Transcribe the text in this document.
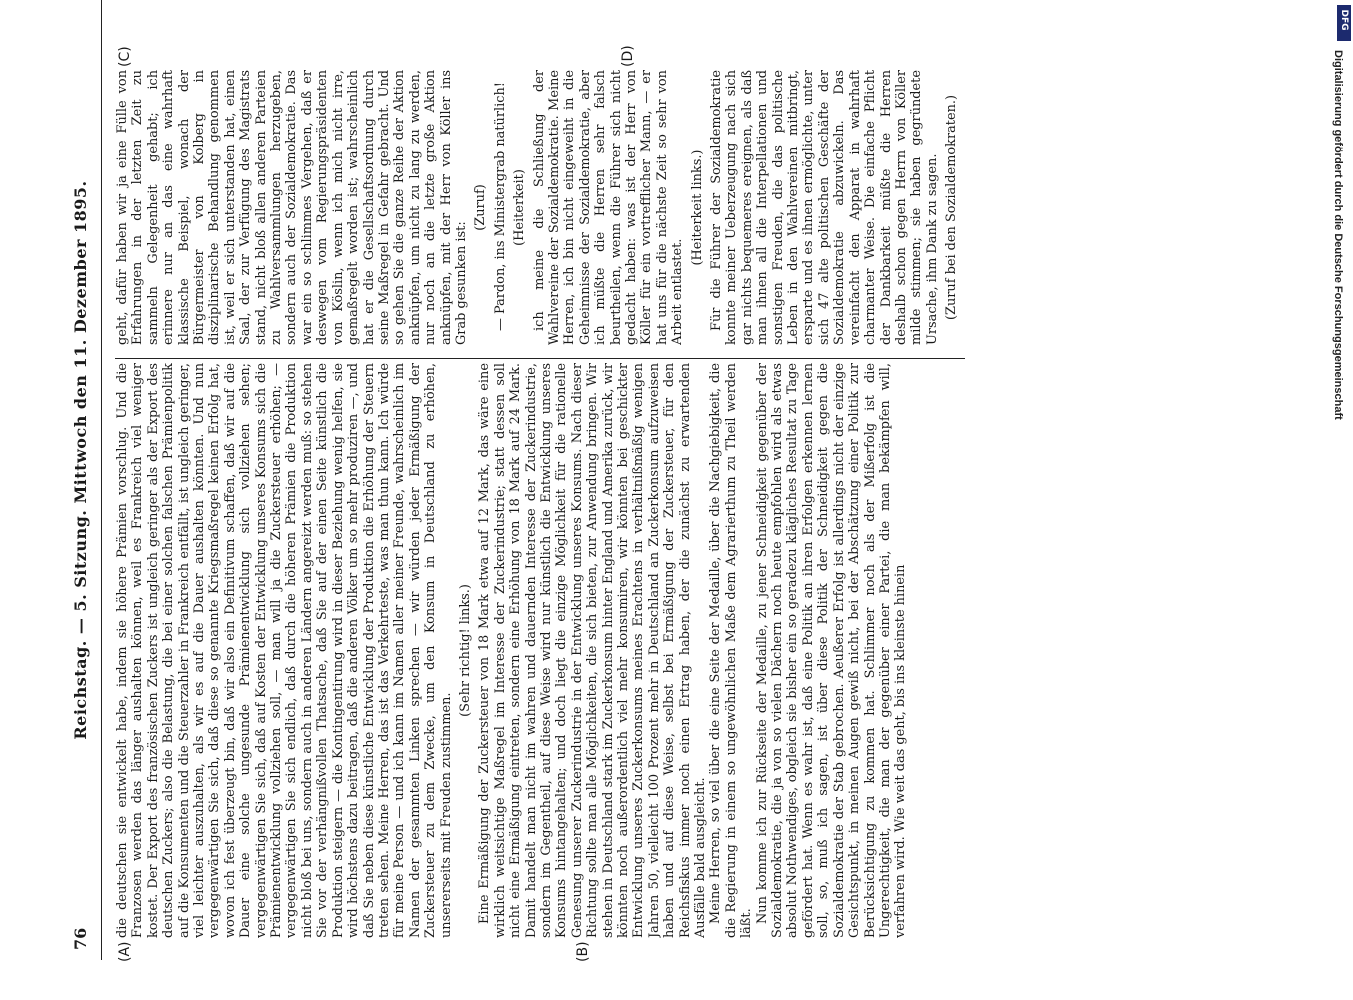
76
Reichstag. — 5. Sitzung. Mittwoch den 11. Dezember 1895.
(A)	(B)
(C)	(D)

die deutschen sie entwickelt habe, indem sie höhere Prämien vorschlug. Und die Franzosen werden das länger aushalten können, weil es Frankreich viel weniger kostet. Der Export des französischen Zuckers ist ungleich geringer als der Export des deutschen Zuckers; also die Belastung, die bei einer solchen falschen Prämienpolitik auf die Konsumenten und die Steuerzahler in Frankreich entfällt, ist ungleich geringer, viel leichter auszuhalten, als wir es auf die Dauer aushalten könnten. Und nun vergegenwärtigen Sie sich, daß diese so genannte Kriegsmaßregel keinen Erfolg hat, wovon ich fest überzeugt bin, daß wir also ein Definitivum schaffen, daß wir auf die Dauer eine solche ungesunde Prämienentwicklung sich vollziehen sehen; vergegenwärtigen Sie sich, daß auf Kosten der Entwicklung unseres Konsums sich die Prämienentwicklung vollziehen soll, — man will ja die Zuckersteuer erhöhen; — vergegenwärtigen Sie sich endlich, daß durch die höheren Prämien die Produktion nicht bloß bei uns, sondern auch in anderen Ländern angereizt werden muß: so stehen Sie vor der verhängnißvollen Thatsache, daß Sie auf der einen Seite künstlich die Produktion steigern — die Kontingentirung wird in dieser Beziehung wenig helfen, sie wird höchstens dazu beitragen, daß die anderen Völker um so mehr produziren —, und daß Sie neben diese künstliche Entwicklung der Produktion die Erhöhung der Steuern treten sehen. Meine Herren, das ist das Verkehrteste, was man thun kann. Ich würde für meine Person — und ich kann im Namen aller meiner Freunde, wahrscheinlich im Namen der gesammten Linken sprechen — wir würden jeder Ermäßigung der Zuckersteuer zu dem Zwecke, um den Konsum in Deutschland zu erhöhen, unsererseits mit Freuden zustimmen.

(Sehr richtig! links.) Eine Ermäßigung der Zuckersteuer von 18 Mark etwa auf 12 Mark, das wäre eine wirklich weitsichtige Maßregel im Interesse der Zuckerindustrie; statt dessen soll nicht eine Ermäßigung eintreten, sondern eine Erhöhung von 18 Mark auf 24 Mark. Damit handelt man nicht im wahren und dauernden Interesse der Zuckerindustrie, sondern im Gegentheil, auf diese Weise wird nur künstlich die Entwicklung unseres Konsums hintangehalten; und doch liegt die einzige Möglichkeit für die rationelle Genesung unserer Zuckerindustrie in der Entwicklung unseres Konsums. Nach dieser Richtung sollte man alle Möglichkeiten, die sich bieten, zur Anwendung bringen. Wir stehen in Deutschland stark im Zuckerkonsum hinter England und Amerika zurück, wir könnten noch außerordentlich viel mehr konsumiren, wir könnten bei geschickter Entwicklung unseres Zuckerkonsums meines Erachtens in verhältnißmäßig wenigen Jahren 50, vielleicht 100 Prozent mehr in Deutschland an Zuckerkonsum aufzuweisen haben und auf diese Weise, selbst bei Ermäßigung der Zuckersteuer, für den Reichsfiskus immer noch einen Ertrag haben, der die zunächst zu erwartenden Ausfälle bald ausgleicht. Meine Herren, so viel über die eine Seite der Medaille, über die Nachgiebigkeit, die die Regierung in einem so ungewöhnlichen Maße dem Agrarierthum zu Theil werden läßt. Nun komme ich zur Rückseite der Medaille, zu jener Schneidigkeit gegenüber der Sozialdemokratie, die ja von so vielen Dächern noch heute empfohlen wird als etwas absolut Nothwendiges, obgleich sie bisher ein so geradezu klägliches Resultat zu Tage gefördert hat. Wenn es wahr ist, daß eine Politik an ihren Erfolgen erkennen lernen soll, so, muß ich sagen, ist über diese Politik der Schneidigkeit gegen die Sozialdemokratie der Stab gebrochen. Aeußerer Erfolg ist allerdings nicht der einzige Gesichtspunkt, in meinen Augen gewiß nicht, bei der Abschätzung einer Politik zur Berücksichtigung zu kommen hat. Schlimmer noch als der Mißerfolg ist die Ungerechtigkeit, die man der gegenüber einer Partei, die man bekämpfen will, verfahren wird. Wie weit das geht, bis ins kleinste hinein

geht, dafür haben wir ja eine Fülle von Erfahrungen in der letzten Zeit zu sammeln Gelegenheit gehabt; ich erinnere nur an das eine wahrhaft klassische Beispiel, wonach der Bürgermeister von Kolberg in disziplinarische Behandlung genommen ist, weil er sich unterstanden hat, einen Saal, der zur Verfügung des Magistrats stand, nicht bloß allen anderen Parteien zu Wahlversammlungen herzugeben, sondern auch der Sozialdemokratie. Das war ein so schlimmes Vergehen, daß er deswegen vom Regierungspräsidenten von Köslin, wenn ich mich nicht irre, gemaßregelt worden ist; wahrscheinlich hat er die Gesellschaftsordnung durch seine Maßregel in Gefahr gebracht. Und so gehen Sie die ganze Reihe der Aktion anknüpfen, um nicht zu lang zu werden, nur noch an die letzte große Aktion anknüpfen, mit der Herr von Köller ins Grab gesunken ist:

(Zuruf) — Pardon, ins Ministergrab natürlich! (Heiterkeit) ich meine die Schließung der Wahlvereine der Sozialdemokratie. Meine Herren, ich bin nicht eingeweiht in die Geheimnisse der Sozialdemokratie, aber ich müßte die Herren sehr falsch beurtheilen, wenn die Führer sich nicht gedacht haben: was ist der Herr von Köller für ein vortrefflicher Mann, — er hat uns für die nächste Zeit so sehr von Arbeit entlastet.

(Heiterkeit links.) Für die Führer der Sozialdemokratie konnte meiner Ueberzeugung nach sich gar nichts bequemeres ereignen, als daß man ihnen all die Interpellationen und sonstigen Freuden, die das politische Leben in den Wahlvereinen mitbringt, ersparte und es ihnen ermöglichte, unter sich 47 alte politischen Geschäfte der Sozialdemokratie abzuwickeln. Das vereinfacht den Apparat in wahrhaft charmanter Weise. Die einfache Pflicht der Dankbarkeit müßte die Herren deshalb schon gegen Herrn von Köller milde stimmen; sie haben gegründete Ursache, ihm Dank zu sagen. (Zuruf bei den Sozialdemokraten.)

DFG
Digitalisierung gefördert durch die Deutsche Forschungsgemeinschaft
